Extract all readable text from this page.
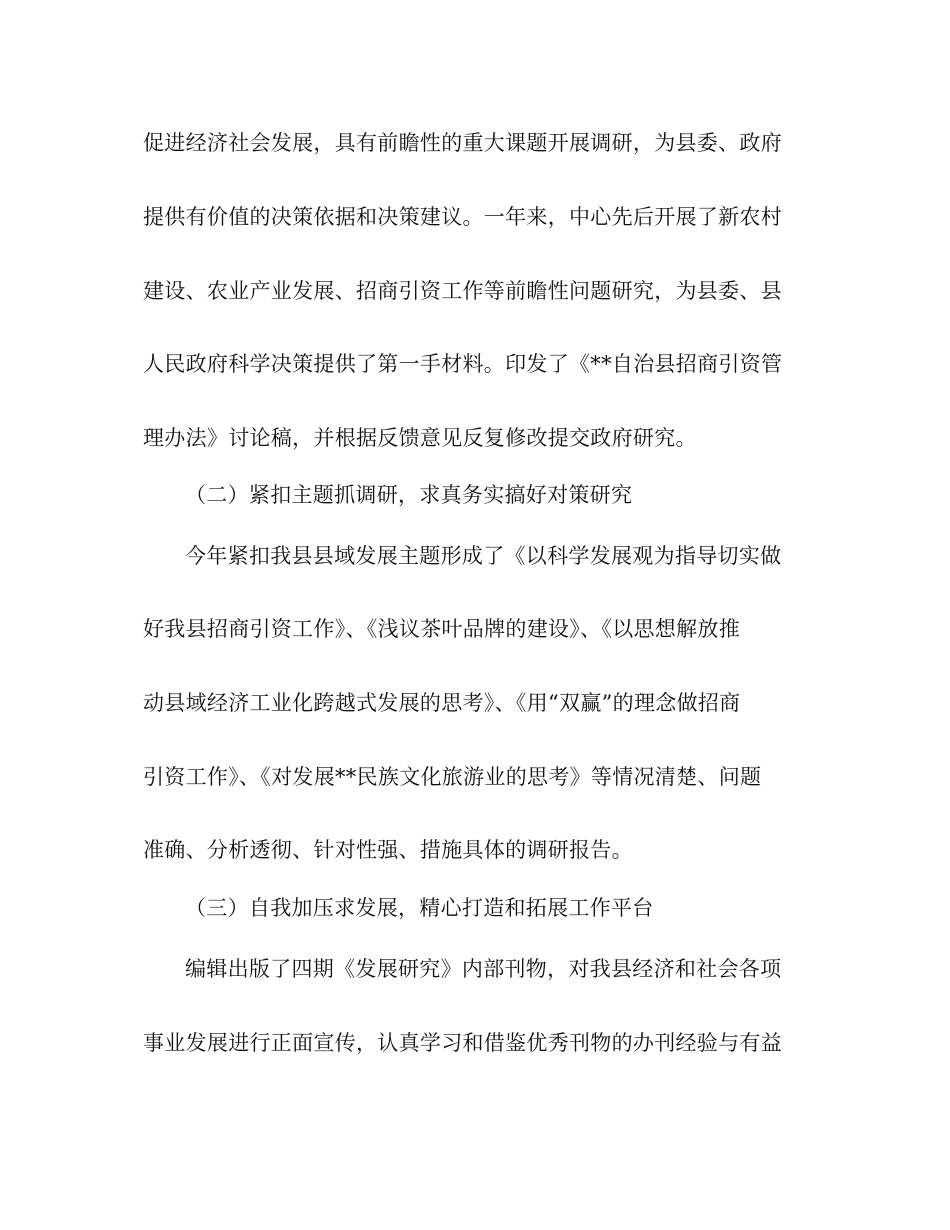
促进经济社会发展，具有前瞻性的重大课题开展调研，为县委、政府
提供有价值的决策依据和决策建议。一年来，中心先后开展了新农村
建设、农业产业发展、招商引资工作等前瞻性问题研究，为县委、县
人民政府科学决策提供了第一手材料。印发了《**自治县招商引资管
理办法》讨论稿，并根据反馈意见反复修改提交政府研究。
（二）紧扣主题抓调研，求真务实搞好对策研究
今年紧扣我县县域发展主题形成了《以科学发展观为指导切实做
好我县招商引资工作》、《浅议茶叶品牌的建设》、《以思想解放推
动县域经济工业化跨越式发展的思考》、《用“双赢”的理念做招商
引资工作》、《对发展**民族文化旅游业的思考》等情况清楚、问题
准确、分析透彻、针对性强、措施具体的调研报告。
（三）自我加压求发展，精心打造和拓展工作平台
编辑出版了四期《发展研究》内部刊物，对我县经济和社会各项
事业发展进行正面宣传，认真学习和借鉴优秀刊物的办刊经验与有益
